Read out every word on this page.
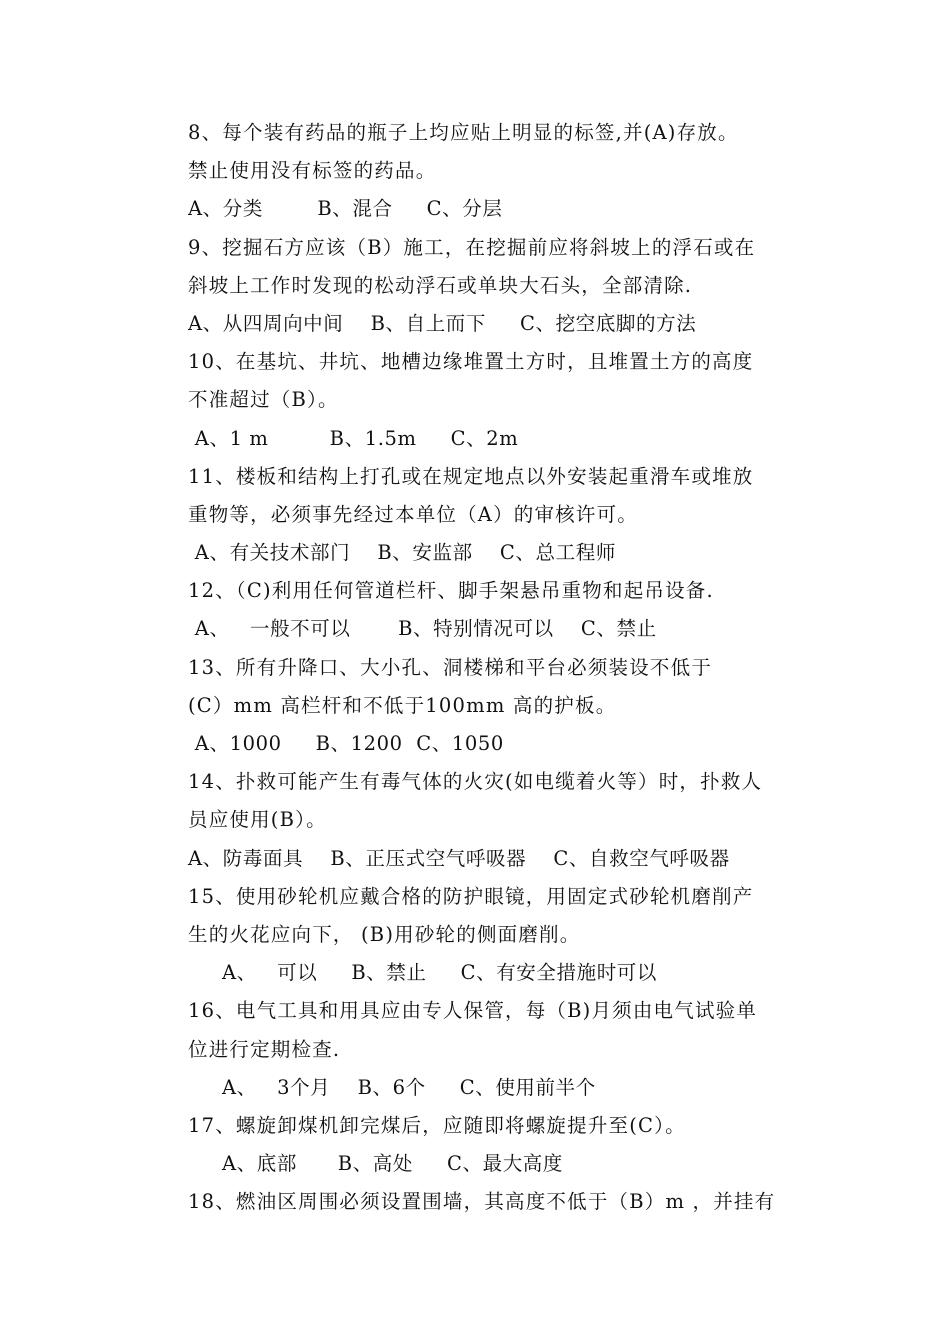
8、每个装有药品的瓶子上均应贴上明显的标签,并(A)存放。
禁止使用没有标签的药品。
A、分类        B、混合     C、分层
9、挖掘石方应该（B）施工，在挖掘前应将斜坡上的浮石或在
斜坡上工作时发现的松动浮石或单块大石头，全部清除.
A、从四周向中间    B、自上而下     C、挖空底脚的方法
10、在基坑、井坑、地槽边缘堆置土方时，且堆置土方的高度
不准超过（B）。
A、1 m         B、1.5m     C、2m
11、楼板和结构上打孔或在规定地点以外安装起重滑车或堆放
重物等，必须事先经过本单位（A）的审核许可。
A、有关技术部门    B、安监部    C、总工程师
12、（C)利用任何管道栏杆、脚手架悬吊重物和起吊设备.
A、   一般不可以       B、特别情况可以    C、禁止
13、所有升降口、大小孔、洞楼梯和平台必须装设不低于
(C）mm 高栏杆和不低于100mm 高的护板。
A、1000     B、1200  C、1050
14、扑救可能产生有毒气体的火灾(如电缆着火等）时，扑救人
员应使用(B）。
A、防毒面具    B、正压式空气呼吸器    C、自救空气呼吸器
15、使用砂轮机应戴合格的防护眼镜，用固定式砂轮机磨削产
生的火花应向下， (B)用砂轮的侧面磨削。
A、   可以     B、禁止     C、有安全措施时可以
16、电气工具和用具应由专人保管，每（B)月须由电气试验单
位进行定期检查.
A、   3个月    B、6个     C、使用前半个
17、螺旋卸煤机卸完煤后，应随即将螺旋提升至(C）。
A、底部      B、高处     C、最大高度
18、燃油区周围必须设置围墙，其高度不低于（B）m ，并挂有
